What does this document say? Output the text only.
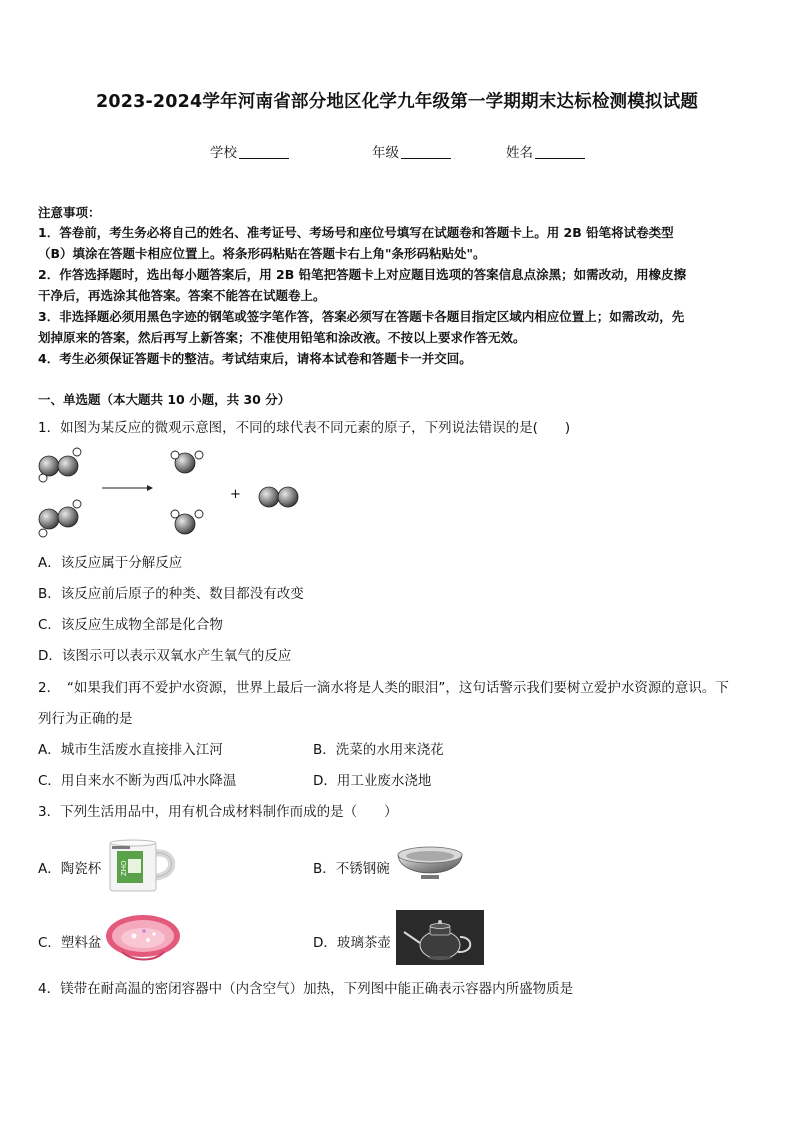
2023-2024学年河南省部分地区化学九年级第一学期期末达标检测模拟试题
学校	年级	姓名
注意事项：
1．答卷前，考生务必将自己的姓名、准考证号、考场号和座位号填写在试题卷和答题卡上。用 2B 铅笔将试卷类型
（B）填涂在答题卡相应位置上。将条形码粘贴在答题卡右上角"条形码粘贴处"。
2．作答选择题时，选出每小题答案后，用 2B 铅笔把答题卡上对应题目选项的答案信息点涂黑；如需改动，用橡皮擦
干净后，再选涂其他答案。答案不能答在试题卷上。
3．非选择题必须用黑色字迹的钢笔或签字笔作答，答案必须写在答题卡各题目指定区域内相应位置上；如需改动，先
划掉原来的答案，然后再写上新答案；不准使用铅笔和涂改液。不按以上要求作答无效。
4．考生必须保证答题卡的整洁。考试结束后，请将本试卷和答题卡一并交回。
一、单选题（本大题共 10 小题，共 30 分）
1．如图为某反应的微观示意图，不同的球代表不同元素的原子，下列说法错误的是(　　)
+
A．该反应属于分解反应
B．该反应前后原子的种类、数目都没有改变
C．该反应生成物全部是化合物
D．该图示可以表示双氧水产生氧气的反应
2．　“如果我们再不爱护水资源，世界上最后一滴水将是人类的眼泪”，这句话警示我们要树立爱护水资源的意识。下
列行为正确的是
A．城市生活废水直接排入江河	B．洗菜的水用来浇花
C．用自来水不断为西瓜冲水降温	D．用工业废水浇地
3．下列生活用品中，用有机合成材料制作而成的是（　　）
A．陶瓷杯	ZHO	B．不锈钢碗
C．塑料盆	D．玻璃茶壶
4．镁带在耐高温的密闭容器中（内含空气）加热，下列图中能正确表示容器内所盛物质是
